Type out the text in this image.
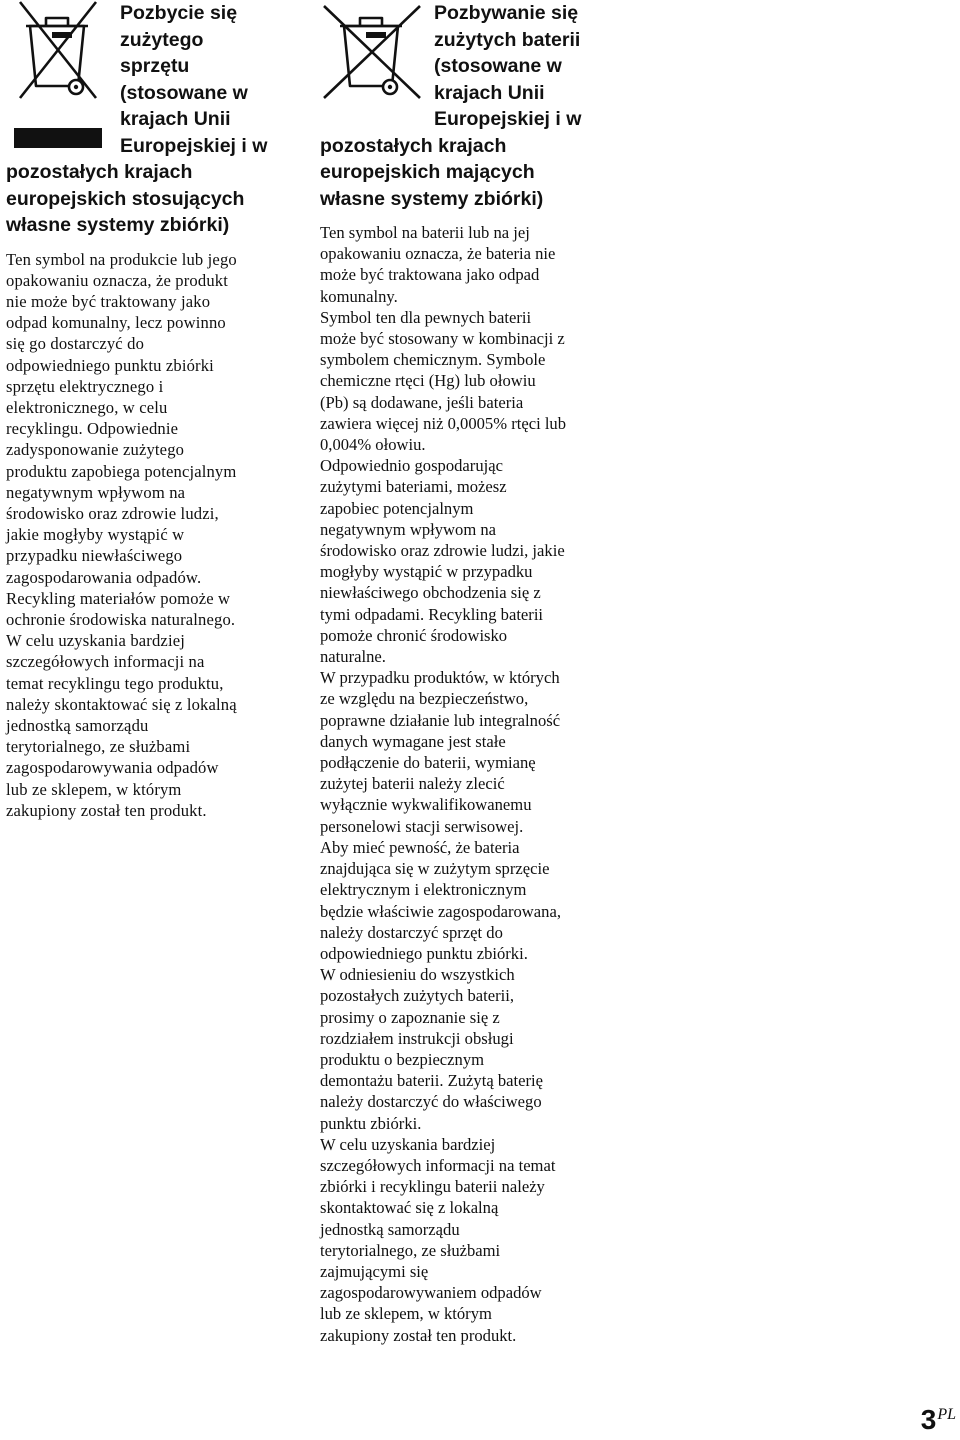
Pozbycie się
zużytego
sprzętu
(stosowane w
krajach Unii
Europejskiej i w
pozostałych krajach
europejskich stosujących
własne systemy zbiórki)
Ten symbol na produkcie lub jego
opakowaniu oznacza, że produkt
nie może być traktowany jako
odpad komunalny, lecz powinno
się go dostarczyć do
odpowiedniego punktu zbiórki
sprzętu elektrycznego i
elektronicznego, w celu
recyklingu. Odpowiednie
zadysponowanie zużytego
produktu zapobiega potencjalnym
negatywnym wpływom na
środowisko oraz zdrowie ludzi,
jakie mogłyby wystąpić w
przypadku niewłaściwego
zagospodarowania odpadów.
Recykling materiałów pomoże w
ochronie środowiska naturalnego.
W celu uzyskania bardziej
szczegółowych informacji na
temat recyklingu tego produktu,
należy skontaktować się z lokalną
jednostką samorządu
terytorialnego, ze służbami
zagospodarowywania odpadów
lub ze sklepem, w którym
zakupiony został ten produkt.
Pozbywanie się
zużytych baterii
(stosowane w
krajach Unii
Europejskiej i w
pozostałych krajach
europejskich mających
własne systemy zbiórki)
Ten symbol na baterii lub na jej
opakowaniu oznacza, że bateria nie
może być traktowana jako odpad
komunalny.
Symbol ten dla pewnych baterii
może być stosowany w kombinacji z
symbolem chemicznym. Symbole
chemiczne rtęci (Hg) lub ołowiu
(Pb) są dodawane, jeśli bateria
zawiera więcej niż 0,0005% rtęci lub
0,004% ołowiu.
Odpowiednio gospodarując
zużytymi bateriami, możesz
zapobiec potencjalnym
negatywnym wpływom na
środowisko oraz zdrowie ludzi, jakie
mogłyby wystąpić w przypadku
niewłaściwego obchodzenia się z
tymi odpadami. Recykling baterii
pomoże chronić środowisko
naturalne.
W przypadku produktów, w których
ze względu na bezpieczeństwo,
poprawne działanie lub integralność
danych wymagane jest stałe
podłączenie do baterii, wymianę
zużytej baterii należy zlecić
wyłącznie wykwalifikowanemu
personelowi stacji serwisowej.
Aby mieć pewność, że bateria
znajdująca się w zużytym sprzęcie
elektrycznym i elektronicznym
będzie właściwie zagospodarowana,
należy dostarczyć sprzęt do
odpowiedniego punktu zbiórki.
W odniesieniu do wszystkich
pozostałych zużytych baterii,
prosimy o zapoznanie się z
rozdziałem instrukcji obsługi
produktu o bezpiecznym
demontażu baterii. Zużytą baterię
należy dostarczyć do właściwego
punktu zbiórki.
W celu uzyskania bardziej
szczegółowych informacji na temat
zbiórki i recyklingu baterii należy
skontaktować się z lokalną
jednostką samorządu
terytorialnego, ze służbami
zajmującymi się
zagospodarowywaniem odpadów
lub ze sklepem, w którym
zakupiony został ten produkt.
$3^{PL}$
